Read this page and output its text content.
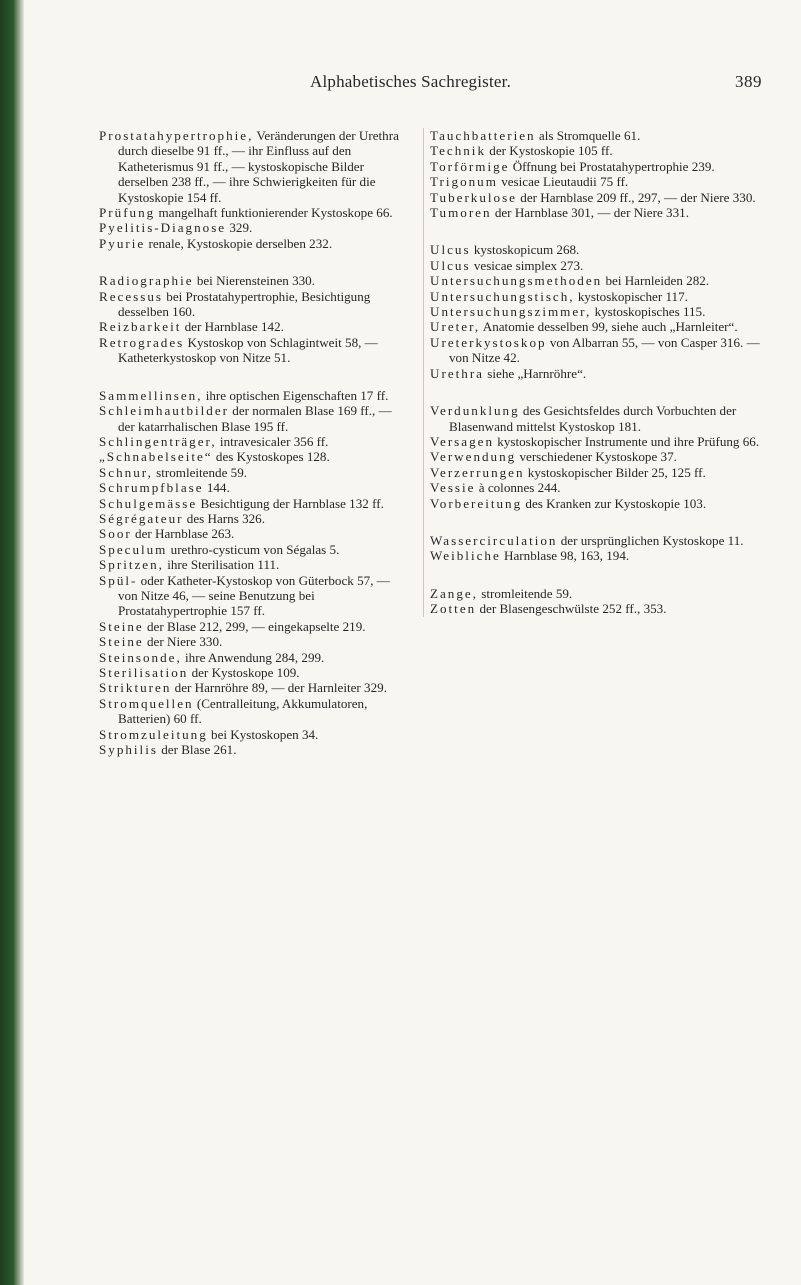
Alphabetisches Sachregister.	389

Prostatahypertrophie, Veränderungen der Urethra durch dieselbe 91 ff., — ihr Einfluss auf den Katheterismus 91 ff., — kystoskopische Bilder derselben 238 ff., — ihre Schwierigkeiten für die Kystoskopie 154 ff.

Prüfung mangelhaft funktionierender Kystoskope 66.

Pyelitis-Diagnose 329.

Pyurie renale, Kystoskopie derselben 232.

Radiographie bei Nierensteinen 330.

Recessus bei Prostatahypertrophie, Besichtigung desselben 160.

Reizbarkeit der Harnblase 142.

Retrogrades Kystoskop von Schlagintweit 58, — Katheterkystoskop von Nitze 51.

Sammellinsen, ihre optischen Eigenschaften 17 ff.

Schleimhautbilder der normalen Blase 169 ff., — der katarrhalischen Blase 195 ff.

Schlingenträger, intravesicaler 356 ff.

„Schnabelseite“ des Kystoskopes 128.

Schnur, stromleitende 59.

Schrumpfblase 144.

Schulgemässe Besichtigung der Harnblase 132 ff.

Ségrégateur des Harns 326.

Soor der Harnblase 263.

Speculum urethro-cysticum von Ségalas 5.

Spritzen, ihre Sterilisation 111.

Spül- oder Katheter-Kystoskop von Güterbock 57, — von Nitze 46, — seine Benutzung bei Prostatahypertrophie 157 ff.

Steine der Blase 212, 299, — eingekapselte 219.

Steine der Niere 330.

Steinsonde, ihre Anwendung 284, 299.

Sterilisation der Kystoskope 109.

Strikturen der Harnröhre 89, — der Harnleiter 329.

Stromquellen (Centralleitung, Akkumulatoren, Batterien) 60 ff.

Stromzuleitung bei Kystoskopen 34.

Syphilis der Blase 261.

Tauchbatterien als Stromquelle 61.

Technik der Kystoskopie 105 ff.

Torförmige Öffnung bei Prostatahypertrophie 239.

Trigonum vesicae Lieutaudii 75 ff.

Tuberkulose der Harnblase 209 ff., 297, — der Niere 330.

Tumoren der Harnblase 301, — der Niere 331.

Ulcus kystoskopicum 268.

Ulcus vesicae simplex 273.

Untersuchungsmethoden bei Harnleiden 282.

Untersuchungstisch, kystoskopischer 117.

Untersuchungszimmer, kystoskopisches 115.

Ureter, Anatomie desselben 99, siehe auch „Harnleiter“.

Ureterkystoskop von Albarran 55, — von Casper 316. — von Nitze 42.

Urethra siehe „Harnröhre“.

Verdunklung des Gesichtsfeldes durch Vorbuchten der Blasenwand mittelst Kystoskop 181.

Versagen kystoskopischer Instrumente und ihre Prüfung 66.

Verwendung verschiedener Kystoskope 37.

Verzerrungen kystoskopischer Bilder 25, 125 ff.

Vessie à colonnes 244.

Vorbereitung des Kranken zur Kystoskopie 103.

Wassercirculation der ursprünglichen Kystoskope 11.

Weibliche Harnblase 98, 163, 194.

Zange, stromleitende 59.

Zotten der Blasengeschwülste 252 ff., 353.
